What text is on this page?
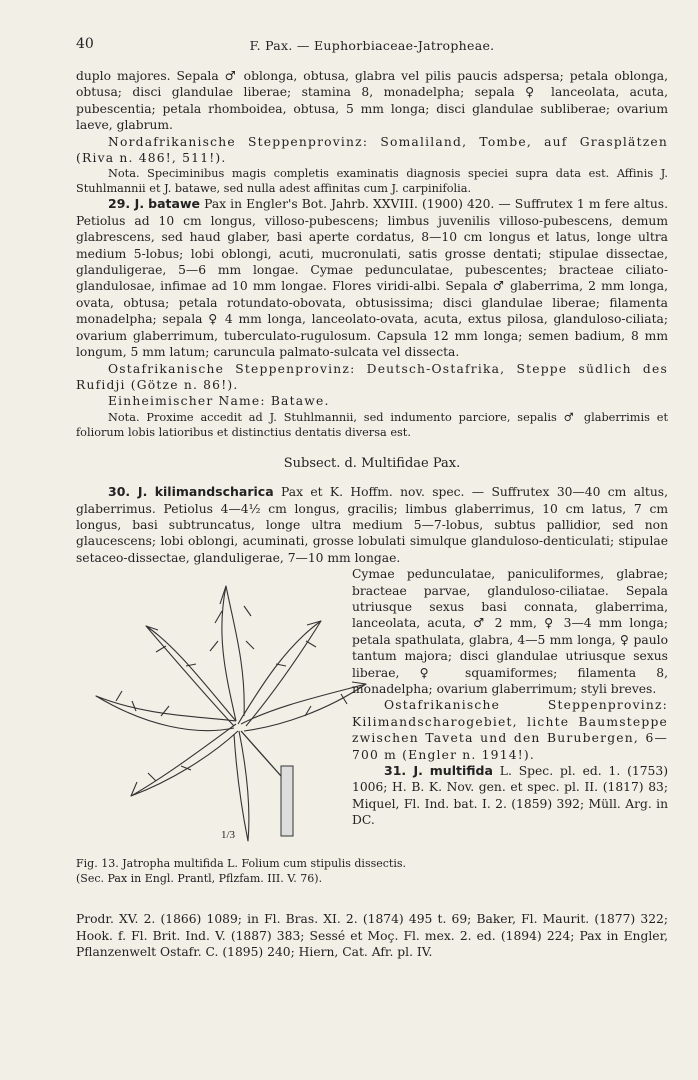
40	F. Pax. — Euphorbiaceae-Jatropheae.

duplo majores. Sepala ♂ oblonga, obtusa, glabra vel pilis paucis adspersa; petala oblonga, obtusa; disci glandulae liberae; stamina 8, monadelpha; sepala ♀ lanceolata, acuta, pubescentia; petala rhomboidea, obtusa, 5 mm longa; disci glandulae subliberae; ovarium laeve, glabrum.

Nordafrikanische Steppenprovinz: Somaliland, Tombe, auf Grasplätzen (Riva n. 486!, 511!).

Nota. Speciminibus magis completis examinatis diagnosis speciei supra data est. Affinis J. Stuhlmannii et J. batawe, sed nulla adest affinitas cum J. carpinifolia.

29. J. batawe Pax in Engler's Bot. Jahrb. XXVIII. (1900) 420. — Suffrutex 1 m fere altus. Petiolus ad 10 cm longus, villoso-pubescens; limbus juvenilis villoso-pubescens, demum glabrescens, sed haud glaber, basi aperte cordatus, 8—10 cm longus et latus, longe ultra medium 5-lobus; lobi oblongi, acuti, mucronulati, satis grosse dentati; stipulae dissectae, glanduligerae, 5—6 mm longae. Cymae pedunculatae, pubescentes; bracteae ciliato-glandulosae, infimae ad 10 mm longae. Flores viridi-albi. Sepala ♂ glaberrima, 2 mm longa, ovata, obtusa; petala rotundato-obovata, obtusissima; disci glandulae liberae; filamenta monadelpha; sepala ♀ 4 mm longa, lanceolato-ovata, acuta, extus pilosa, glanduloso-ciliata; ovarium glaberrimum, tuberculato-rugulosum. Capsula 12 mm longa; semen badium, 8 mm longum, 5 mm latum; caruncula palmato-sulcata vel dissecta.

Ostafrikanische Steppenprovinz: Deutsch-Ostafrika, Steppe südlich des Rufidji (Götze n. 86!).

Einheimischer Name: Batawe.

Nota. Proxime accedit ad J. Stuhlmannii, sed indumento parciore, sepalis ♂ glaberrimis et foliorum lobis latioribus et distinctius dentatis diversa est.

Subsect. d. Multifidae Pax.

30. J. kilimandscharica Pax et K. Hoffm. nov. spec. — Suffrutex 30—40 cm altus, glaberrimus. Petiolus 4—4½ cm longus, gracilis; limbus glaberrimus, 10 cm latus, 7 cm longus, basi subtruncatus, longe ultra medium 5—7-lobus, subtus pallidior, sed non glaucescens; lobi oblongi, acuminati, grosse lobulati simulque glanduloso-denticulati; stipulae setaceo-dissectae, glanduligerae, 7—10 mm longae.

1/3

Cymae pedunculatae, paniculiformes, glabrae; bracteae parvae, glanduloso-ciliatae. Sepala utriusque sexus basi connata, glaberrima, lanceolata, acuta, ♂ 2 mm, ♀ 3—4 mm longa; petala spathulata, glabra, 4—5 mm longa, ♀ paulo tantum majora; disci glandulae utriusque sexus liberae, ♀ squamiformes; filamenta 8, monadelpha; ovarium glaberrimum; styli breves.

Ostafrikanische Steppenprovinz: Kilimandscharogebiet, lichte Baumsteppe zwischen Taveta und den Burubergen, 6—700 m (Engler n. 1914!).

31. J. multifida L. Spec. pl. ed. 1. (1753) 1006; H. B. K. Nov. gen. et spec. pl. II. (1817) 83; Miquel, Fl. Ind. bat. I. 2. (1859) 392; Müll. Arg. in DC.

Fig. 13. Jatropha multifida L. Folium cum stipulis dissectis. (Sec. Pax in Engl. Prantl, Pflzfam. III. V. 76).

Prodr. XV. 2. (1866) 1089; in Fl. Bras. XI. 2. (1874) 495 t. 69; Baker, Fl. Maurit. (1877) 322; Hook. f. Fl. Brit. Ind. V. (1887) 383; Sessé et Moç. Fl. mex. 2. ed. (1894) 224; Pax in Engler, Pflanzenwelt Ostafr. C. (1895) 240; Hiern, Cat. Afr. pl. IV.
